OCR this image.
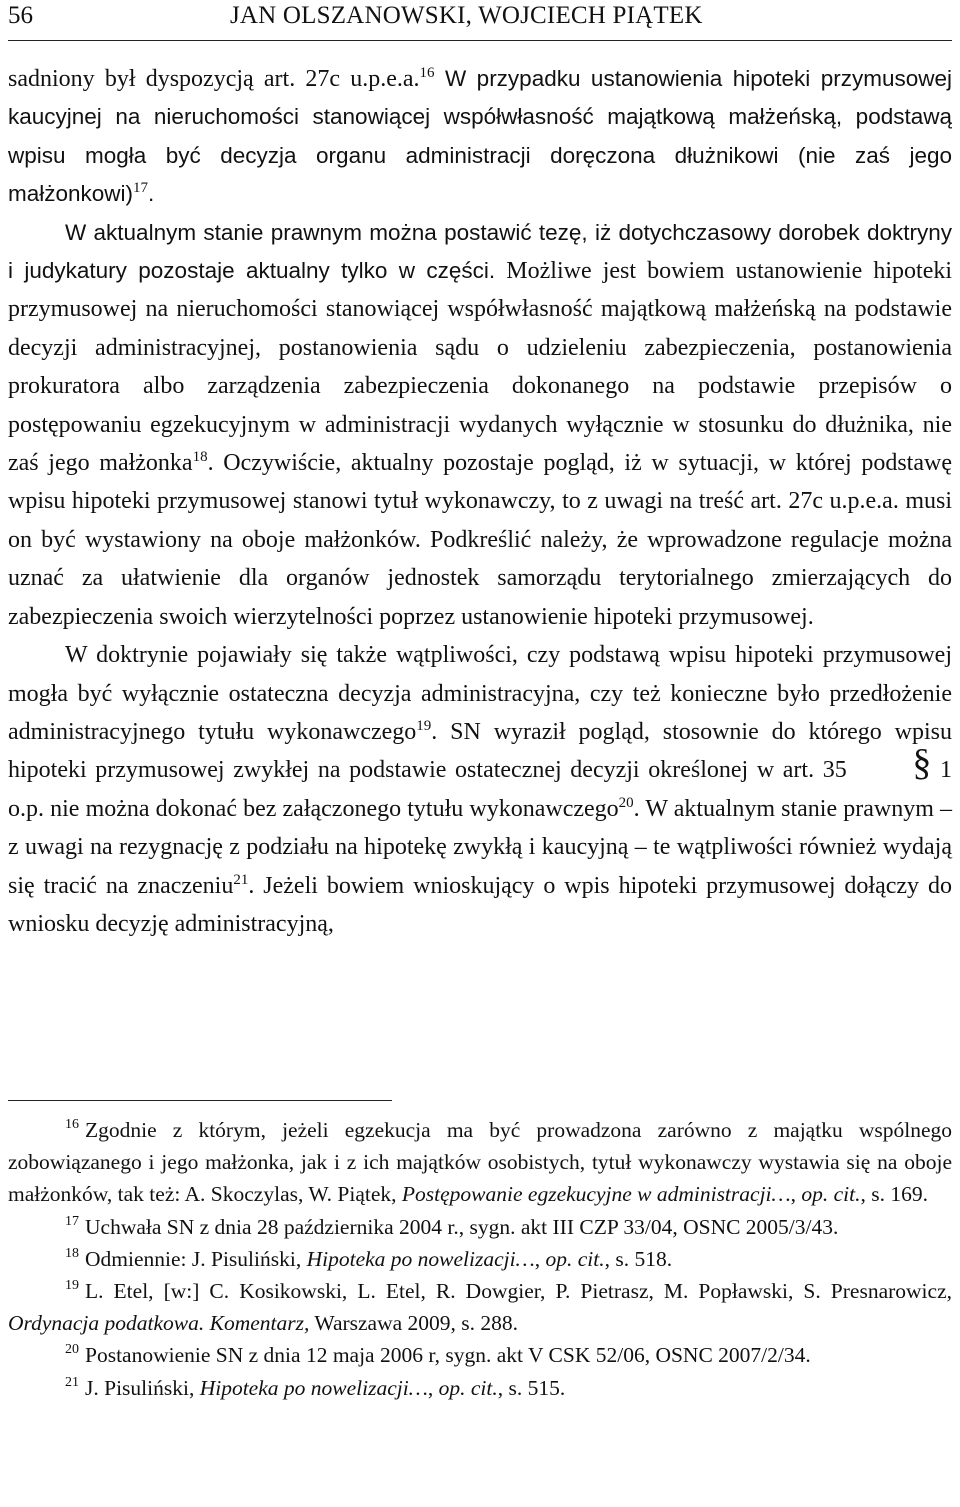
56	JAN OLSZANOWSKI, WOJCIECH PIĄTEK

sadniony był dyspozycją art. 27c u.p.e.a.$^{16}$ W przypadku ustanowienia hipoteki przymusowej kaucyjnej na nieruchomości stanowiącej współwłasność majątkową małżeńską, podstawą wpisu mogła być decyzja organu administracji doręczona dłużnikowi (nie zaś jego małżonkowi)$^{17}$.

W aktualnym stanie prawnym można postawić tezę, iż dotychczasowy dorobek doktryny i judykatury pozostaje aktualny tylko w części. Możliwe jest bowiem ustanowienie hipoteki przymusowej na nieruchomości stanowiącej współwłasność majątkową małżeńską na podstawie decyzji administracyjnej, postanowienia sądu o udzieleniu zabezpieczenia, postanowienia prokuratora albo zarządzenia zabezpieczenia dokonanego na podstawie przepisów o postępowaniu egzekucyjnym w administracji wydanych wyłącznie w stosunku do dłużnika, nie zaś jego małżonka$^{18}$. Oczywiście, aktualny pozostaje pogląd, iż w sytuacji, w której podstawę wpisu hipoteki przymusowej stanowi tytuł wykonawczy, to z uwagi na treść art. 27c u.p.e.a. musi on być wystawiony na oboje małżonków. Podkreślić należy, że wprowadzone regulacje można uznać za ułatwienie dla organów jednostek samorządu terytorialnego zmierzających do zabezpieczenia swoich wierzytelności poprzez ustanowienie hipoteki przymusowej.

W doktrynie pojawiały się także wątpliwości, czy podstawą wpisu hipoteki przymusowej mogła być wyłącznie ostateczna decyzja administracyjna, czy też konieczne było przedłożenie administracyjnego tytułu wykonawczego$^{19}$. SN wyraził pogląd, stosownie do którego wpisu hipoteki przymusowej zwykłej na podstawie ostatecznej decyzji określonej w art. 35 § 1 o.p. nie można dokonać bez załączonego tytułu wykonawczego$^{20}$. W aktualnym stanie prawnym – z uwagi na rezygnację z podziału na hipotekę zwykłą i kaucyjną – te wątpliwości również wydają się tracić na znaczeniu$^{21}$. Jeżeli bowiem wnioskujący o wpis hipoteki przymusowej dołączy do wniosku decyzję administracyjną,

$^{16}$ Zgodnie z którym, jeżeli egzekucja ma być prowadzona zarówno z majątku wspólnego zobowiązanego i jego małżonka, jak i z ich majątków osobistych, tytuł wykonawczy wystawia się na oboje małżonków, tak też: A. Skoczylas, W. Piątek, Postępowanie egzekucyjne w administracji…, op. cit., s. 169.

$^{17}$ Uchwała SN z dnia 28 października 2004 r., sygn. akt III CZP 33/04, OSNC 2005/3/43.

$^{18}$ Odmiennie: J. Pisuliński, Hipoteka po nowelizacji…, op. cit., s. 518.

$^{19}$ L. Etel, [w:] C. Kosikowski, L. Etel, R. Dowgier, P. Pietrasz, M. Popławski, S. Presnarowicz, Ordynacja podatkowa. Komentarz, Warszawa 2009, s. 288.

$^{20}$ Postanowienie SN z dnia 12 maja 2006 r, sygn. akt V CSK 52/06, OSNC 2007/2/34.

$^{21}$ J. Pisuliński, Hipoteka po nowelizacji…, op. cit., s. 515.
